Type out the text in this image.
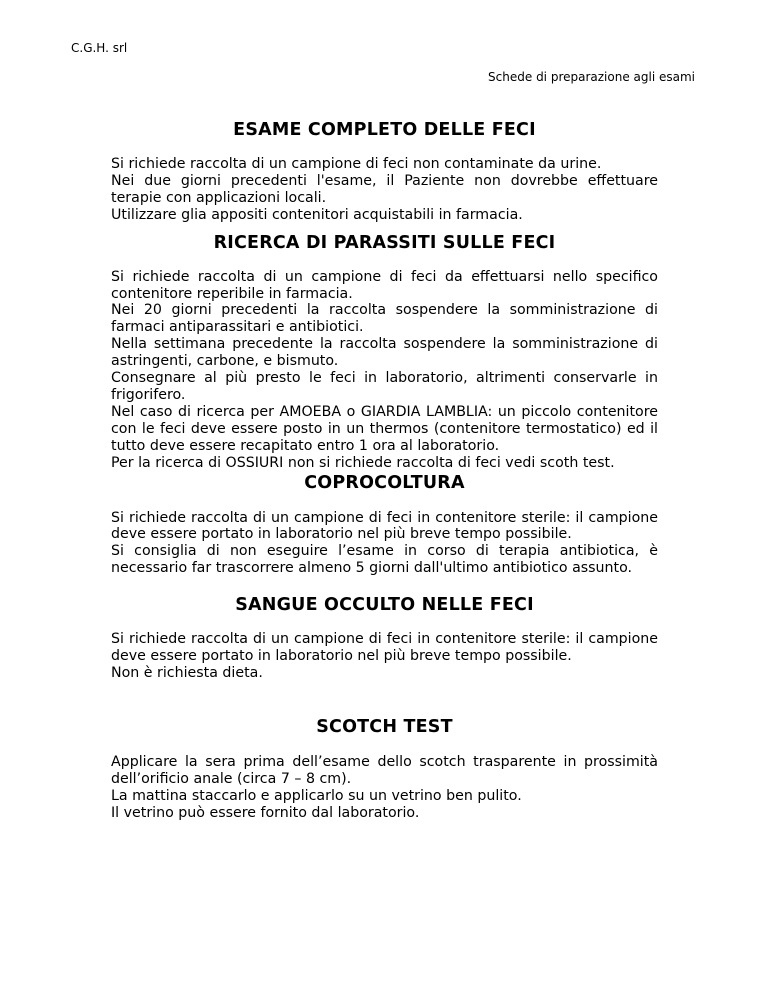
C.G.H. srl
Schede di preparazione agli esami
ESAME COMPLETO DELLE FECI

Si richiede raccolta di un campione di feci non contaminate da urine.

Nei due giorni precedenti l'esame, il Paziente non dovrebbe effettuare terapie con applicazioni locali.

Utilizzare glia appositi contenitori acquistabili in farmacia.

RICERCA DI PARASSITI SULLE FECI

Si richiede raccolta di un campione di feci da effettuarsi nello specifico contenitore reperibile in farmacia.

Nei 20 giorni precedenti la raccolta sospendere la somministrazione di farmaci antiparassitari e antibiotici.

Nella settimana precedente la raccolta sospendere la somministrazione di astringenti, carbone, e bismuto.

Consegnare al più presto le feci in laboratorio, altrimenti conservarle in frigorifero.

Nel caso di ricerca per AMOEBA o GIARDIA LAMBLIA: un piccolo contenitore con le feci deve essere posto in un thermos (contenitore termostatico) ed il tutto deve essere recapitato entro 1 ora al laboratorio.

Per la ricerca di OSSIURI non si richiede raccolta di feci vedi scoth test.

COPROCOLTURA

Si richiede raccolta di un campione di feci in contenitore sterile: il campione deve essere portato in laboratorio nel più breve tempo possibile.

Si consiglia di non eseguire l’esame in corso di terapia antibiotica, è necessario far trascorrere almeno 5 giorni dall'ultimo antibiotico assunto.

SANGUE OCCULTO NELLE FECI

Si richiede raccolta di un campione di feci in contenitore sterile: il campione deve essere portato in laboratorio nel più breve tempo possibile.

Non è richiesta dieta.

SCOTCH TEST

Applicare la sera prima dell’esame dello scotch trasparente in prossimità dell’orificio anale (circa 7 – 8 cm).

La mattina staccarlo e applicarlo su un vetrino ben pulito.

Il vetrino può essere fornito dal laboratorio.
